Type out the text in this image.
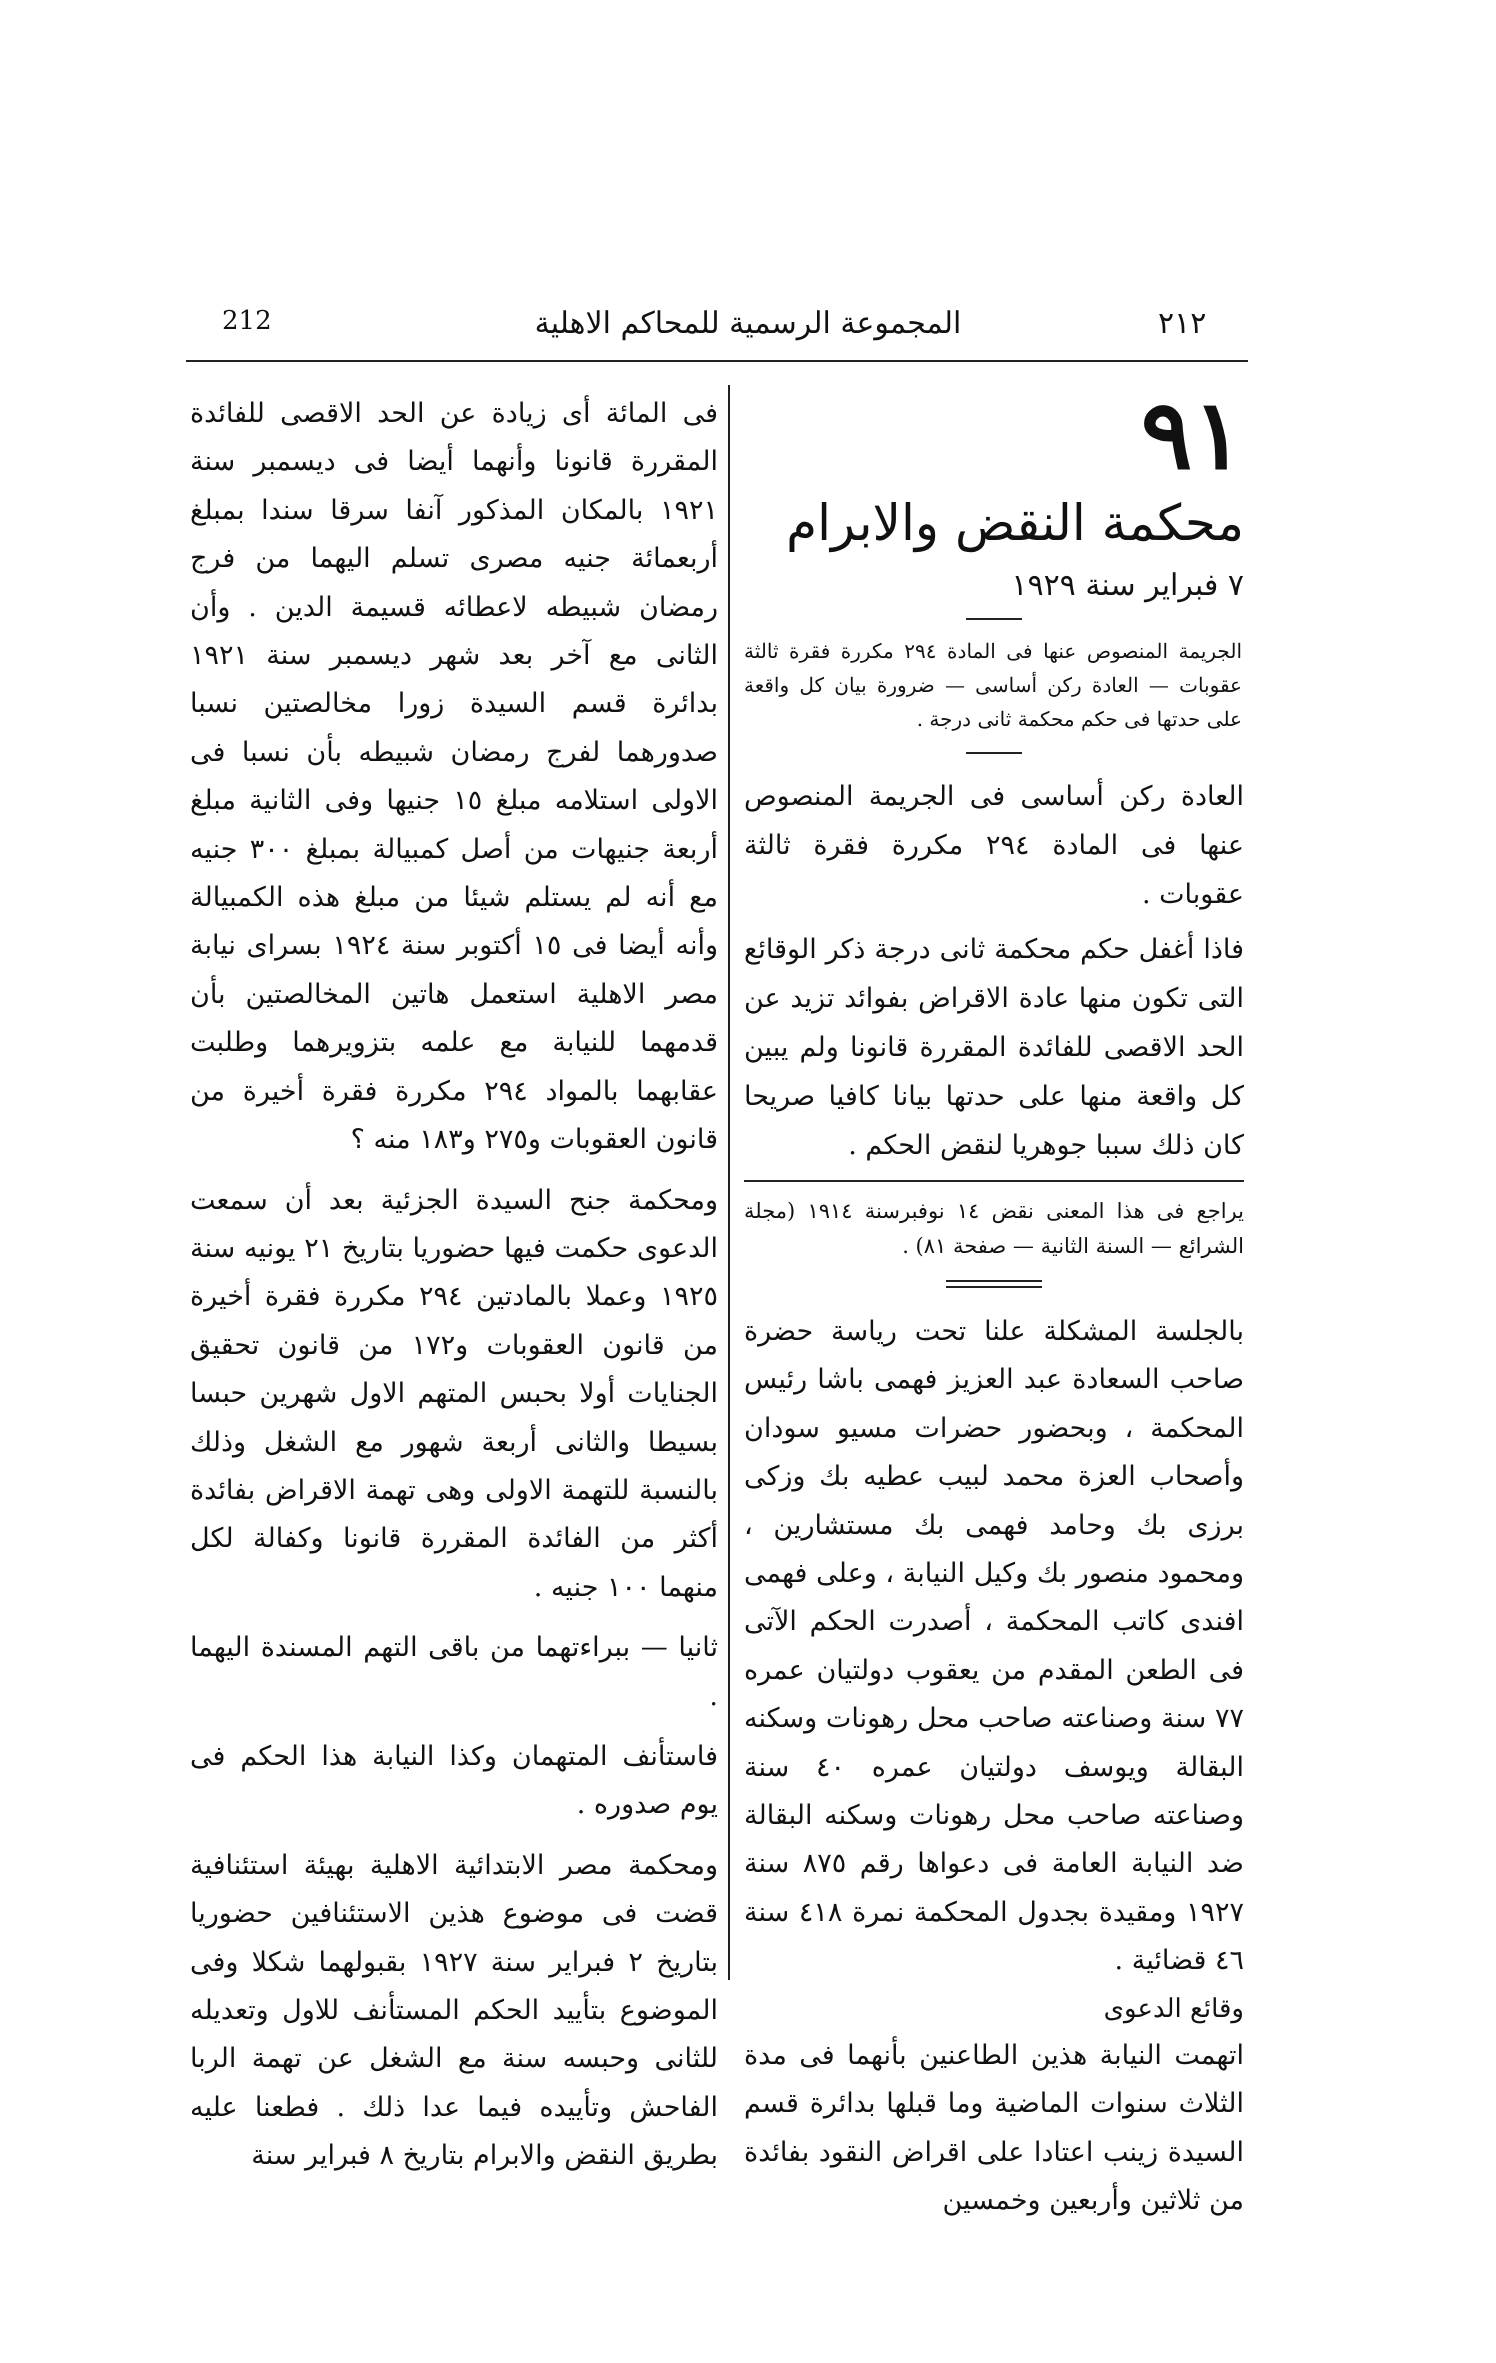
212	المجموعة الرسمية للمحاكم الاهلية	٢١٢
٩١
محكمة النقض والابرام
٧ فبراير سنة ١٩٢٩

الجريمة المنصوص عنها فى المادة ٢٩٤ مكررة فقرة ثالثة عقوبات — العادة ركن أساسى — ضرورة بيان كل واقعة على حدتها فى حكم محكمة ثانى درجة .

العادة ركن أساسى فى الجريمة المنصوص عنها فى المادة ٢٩٤ مكررة فقرة ثالثة عقوبات .

فاذا أغفل حكم محكمة ثانى درجة ذكر الوقائع التى تكون منها عادة الاقراض بفوائد تزيد عن الحد الاقصى للفائدة المقررة قانونا ولم يبين كل واقعة منها على حدتها بيانا كافيا صريحا كان ذلك سببا جوهريا لنقض الحكم .

يراجع فى هذا المعنى نقض ١٤ نوفبرسنة ١٩١٤ (مجلة الشرائع — السنة الثانية — صفحة ٨١) .

بالجلسة المشكلة علنا تحت رياسة حضرة صاحب السعادة عبد العزيز فهمى باشا رئيس المحكمة ، وبحضور حضرات مسيو سودان وأصحاب العزة محمد لبيب عطيه بك وزكى برزى بك وحامد فهمى بك مستشارين ، ومحمود منصور بك وكيل النيابة ، وعلى فهمى افندى كاتب المحكمة ، أصدرت الحكم الآتى فى الطعن المقدم من يعقوب دولتيان عمره ٧٧ سنة وصناعته صاحب محل رهونات وسكنه البقالة ويوسف دولتيان عمره ٤٠ سنة وصناعته صاحب محل رهونات وسكنه البقالة ضد النيابة العامة فى دعواها رقم ٨٧٥ سنة ١٩٢٧ ومقيدة بجدول المحكمة نمرة ٤١٨ سنة ٤٦ قضائية .

وقائع الدعوى

اتهمت النيابة هذين الطاعنين بأنهما فى مدة الثلاث سنوات الماضية وما قبلها بدائرة قسم السيدة زينب اعتادا على اقراض النقود بفائدة من ثلاثين وأربعين وخمسين

فى المائة أى زيادة عن الحد الاقصى للفائدة المقررة قانونا وأنهما أيضا فى ديسمبر سنة ١٩٢١ بالمكان المذكور آنفا سرقا سندا بمبلغ أربعمائة جنيه مصرى تسلم اليهما من فرج رمضان شبيطه لاعطائه قسيمة الدين . وأن الثانى مع آخر بعد شهر ديسمبر سنة ١٩٢١ بدائرة قسم السيدة زورا مخالصتين نسبا صدورهما لفرج رمضان شبيطه بأن نسبا فى الاولى استلامه مبلغ ١٥ جنيها وفى الثانية مبلغ أربعة جنيهات من أصل كمبيالة بمبلغ ٣٠٠ جنيه مع أنه لم يستلم شيئا من مبلغ هذه الكمبيالة وأنه أيضا فى ١٥ أكتوبر سنة ١٩٢٤ بسراى نيابة مصر الاهلية استعمل هاتين المخالصتين بأن قدمهما للنيابة مع علمه بتزويرهما وطلبت عقابهما بالمواد ٢٩٤ مكررة فقرة أخيرة من قانون العقوبات و٢٧٥ و١٨٣ منه ؟

ومحكمة جنح السيدة الجزئية بعد أن سمعت الدعوى حكمت فيها حضوريا بتاريخ ٢١ يونيه سنة ١٩٢٥ وعملا بالمادتين ٢٩٤ مكررة فقرة أخيرة من قانون العقوبات و١٧٢ من قانون تحقيق الجنايات أولا بحبس المتهم الاول شهرين حبسا بسيطا والثانى أربعة شهور مع الشغل وذلك بالنسبة للتهمة الاولى وهى تهمة الاقراض بفائدة أكثر من الفائدة المقررة قانونا وكفالة لكل منهما ١٠٠ جنيه .

ثانيا — ببراءتهما من باقى التهم المسندة اليهما .

فاستأنف المتهمان وكذا النيابة هذا الحكم فى يوم صدوره .

ومحكمة مصر الابتدائية الاهلية بهيئة استئنافية قضت فى موضوع هذين الاستئنافين حضوريا بتاريخ ٢ فبراير سنة ١٩٢٧ بقبولهما شكلا وفى الموضوع بتأييد الحكم المستأنف للاول وتعديله للثانى وحبسه سنة مع الشغل عن تهمة الربا الفاحش وتأييده فيما عدا ذلك . فطعنا عليه بطريق النقض والابرام بتاريخ ٨ فبراير سنة
